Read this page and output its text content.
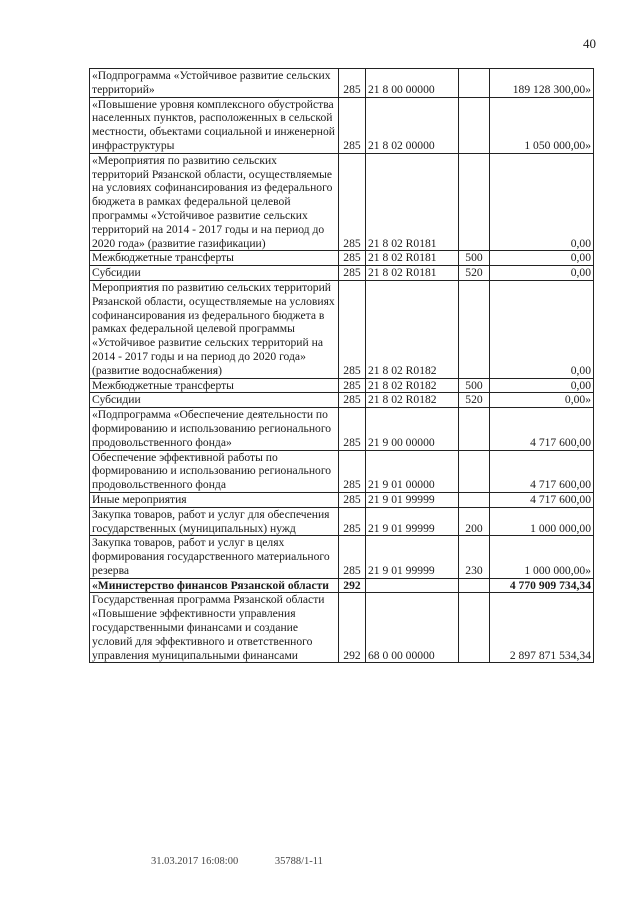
40
«Подпрограмма «Устойчивое развитие сельских территорий»	285	21 8 00 00000		189 128 300,00»
«Повышение уровня комплексного обустройства населенных пунктов, расположенных в сельской местности, объектами социальной и инженерной инфраструктуры	285	21 8 02 00000		1 050 000,00»
«Мероприятия по развитию сельских территорий Рязанской области, осуществляемые на условиях софинансирования из федерального бюджета в рамках федеральной целевой программы «Устойчивое развитие сельских территорий на 2014 - 2017 годы и на период до 2020 года» (развитие газификации)	285	21 8 02 R0181		0,00
Межбюджетные трансферты	285	21 8 02 R0181	500	0,00
Субсидии	285	21 8 02 R0181	520	0,00
Мероприятия по развитию сельских территорий Рязанской области, осуществляемые на условиях софинансирования из федерального бюджета в рамках федеральной целевой программы «Устойчивое развитие сельских территорий на 2014 - 2017 годы и на период до 2020 года» (развитие водоснабжения)	285	21 8 02 R0182		0,00
Межбюджетные трансферты	285	21 8 02 R0182	500	0,00
Субсидии	285	21 8 02 R0182	520	0,00»
«Подпрограмма «Обеспечение деятельности по формированию и использованию регионального продовольственного фонда»	285	21 9 00 00000		4 717 600,00
Обеспечение эффективной работы по формированию и использованию регионального продовольственного фонда	285	21 9 01 00000		4 717 600,00
Иные мероприятия	285	21 9 01 99999		4 717 600,00
Закупка товаров, работ и услуг для обеспечения государственных (муниципальных) нужд	285	21 9 01 99999	200	1 000 000,00
Закупка товаров, работ и услуг в целях формирования государственного материального резерва	285	21 9 01 99999	230	1 000 000,00»
«Министерство финансов Рязанской области	292			4 770 909 734,34
Государственная программа Рязанской области «Повышение эффективности управления государственными финансами и создание условий для эффективного и ответственного управления муниципальными финансами	292	68 0 00 00000		2 897 871 534,34
31.03.2017 16:08:00	35788/1-11
